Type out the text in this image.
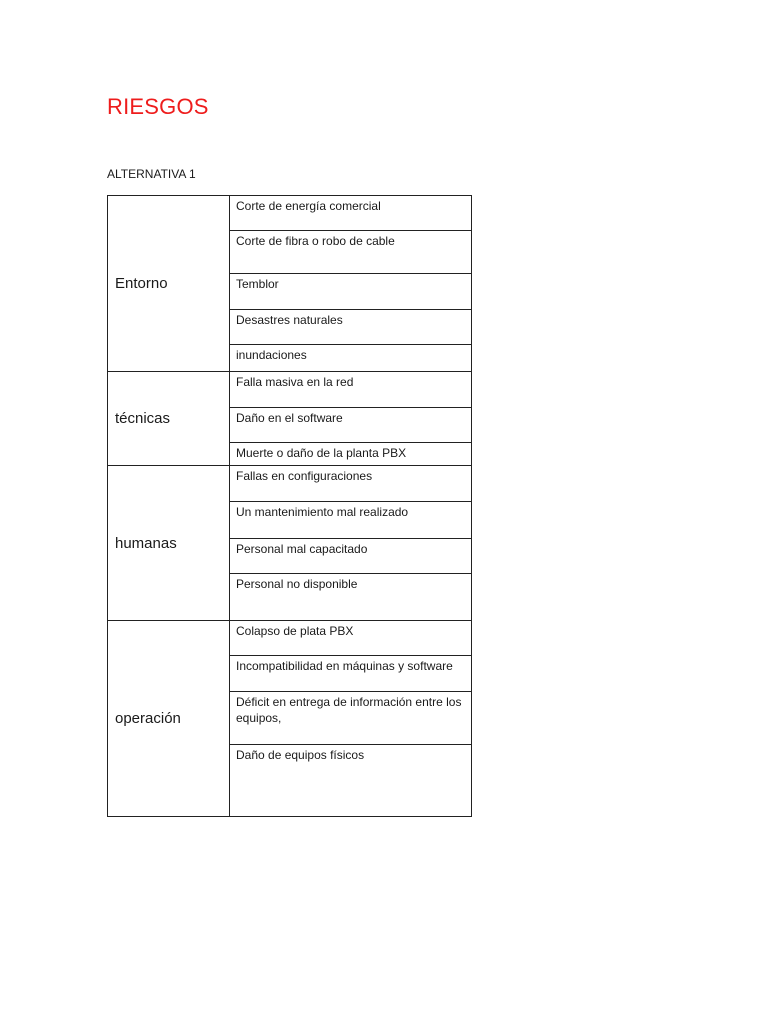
RIESGOS

ALTERNATIVA 1

Entorno	Corte de energía comercial
	Corte de fibra o robo de cable
	Temblor
	Desastres naturales
	inundaciones
técnicas	Falla masiva en la red
	Daño en el software
	Muerte o daño de la planta PBX
humanas	Fallas en configuraciones
	Un mantenimiento mal realizado
	Personal mal capacitado
	Personal no disponible
operación	Colapso de plata PBX
	Incompatibilidad en máquinas y software
	Déficit en entrega de información entre los equipos,
	Daño de equipos físicos
